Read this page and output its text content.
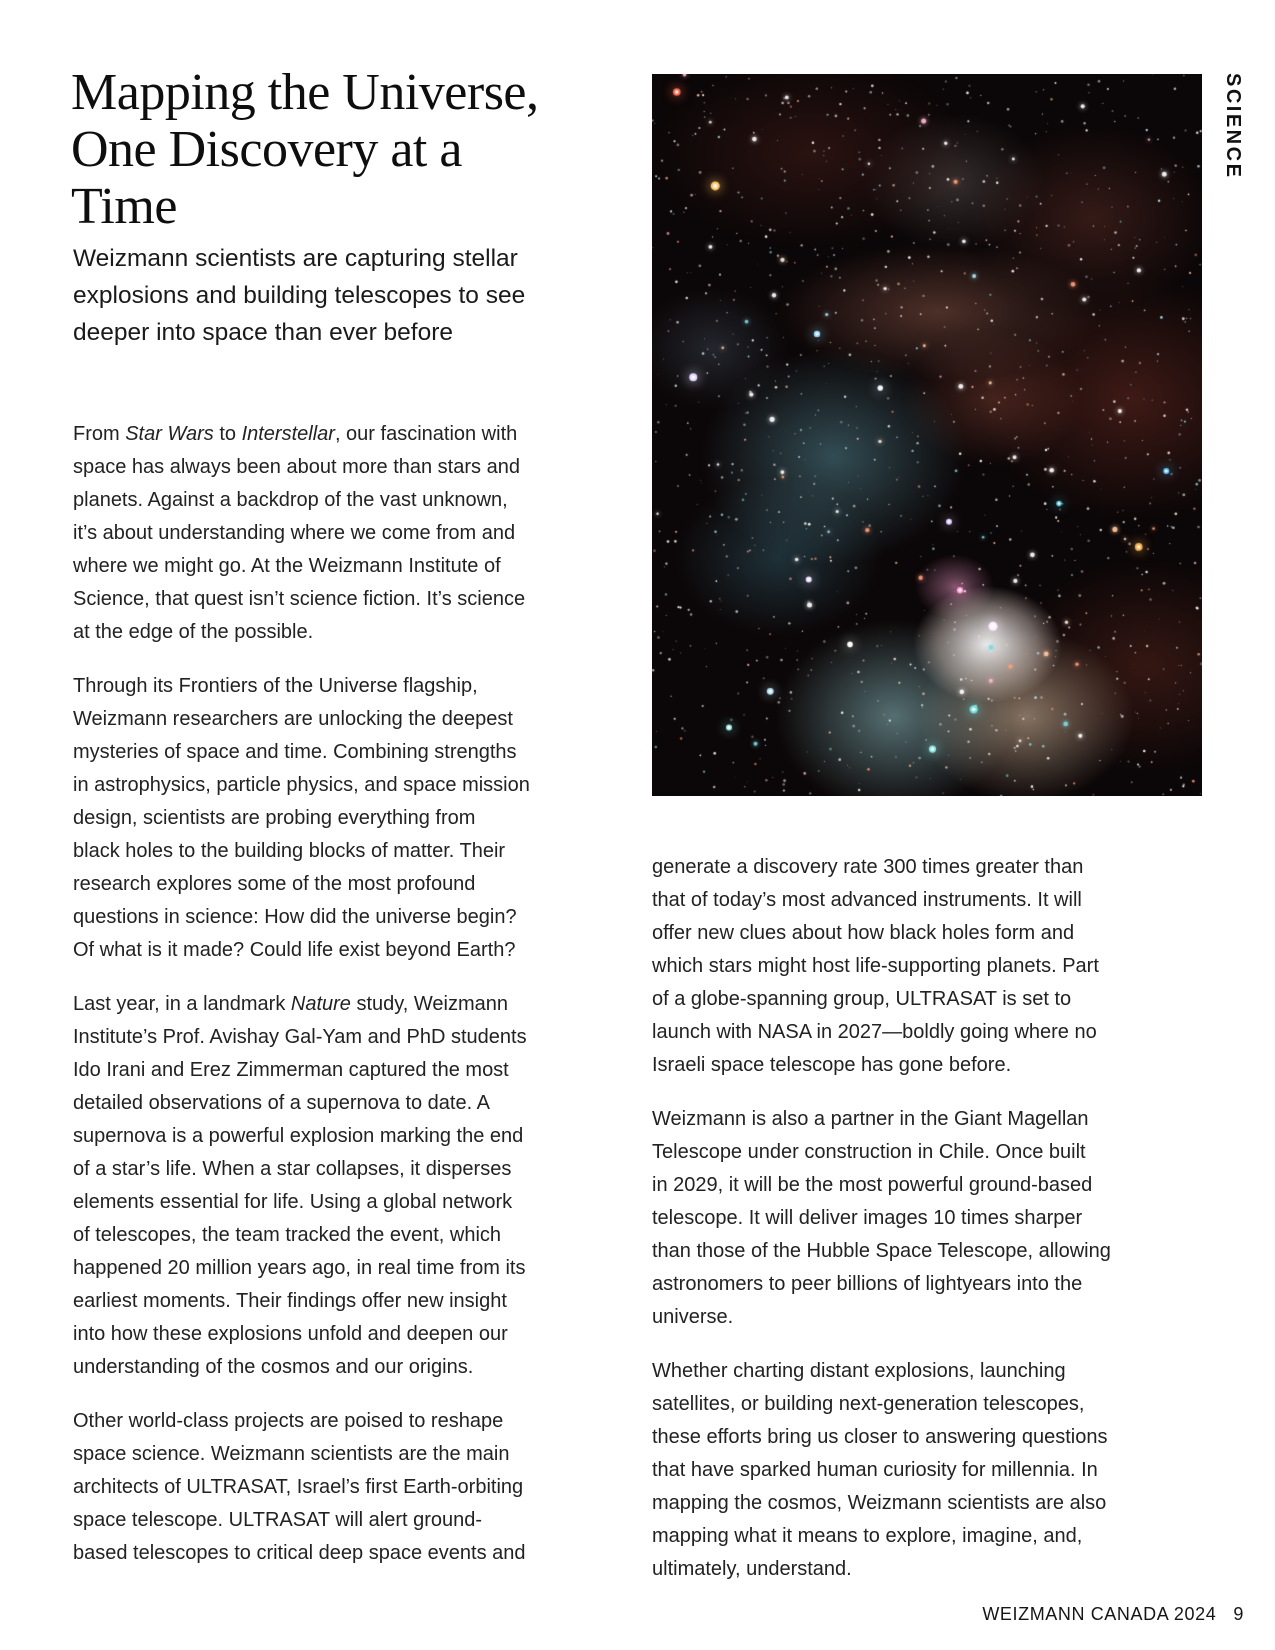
Mapping the Universe,
One Discovery at a
Time

Weizmann scientists are capturing stellar
explosions and building telescopes to see
deeper into space than ever before

SCIENCE

From Star Wars to Interstellar, our fascination with
space has always been about more than stars and
planets. Against a backdrop of the vast unknown,
it’s about understanding where we come from and
where we might go. At the Weizmann Institute of
Science, that quest isn’t science fiction. It’s science
at the edge of the possible.

Through its Frontiers of the Universe flagship,
Weizmann researchers are unlocking the deepest
mysteries of space and time. Combining strengths
in astrophysics, particle physics, and space mission
design, scientists are probing everything from
black holes to the building blocks of matter. Their
research explores some of the most profound
questions in science: How did the universe begin?
Of what is it made? Could life exist beyond Earth?

Last year, in a landmark Nature study, Weizmann
Institute’s Prof. Avishay Gal-Yam and PhD students
Ido Irani and Erez Zimmerman captured the most
detailed observations of a supernova to date. A
supernova is a powerful explosion marking the end
of a star’s life. When a star collapses, it disperses
elements essential for life. Using a global network
of telescopes, the team tracked the event, which
happened 20 million years ago, in real time from its
earliest moments. Their findings offer new insight
into how these explosions unfold and deepen our
understanding of the cosmos and our origins.

Other world-class projects are poised to reshape
space science. Weizmann scientists are the main
architects of ULTRASAT, Israel’s first Earth-orbiting
space telescope. ULTRASAT will alert ground-
based telescopes to critical deep space events and

generate a discovery rate 300 times greater than
that of today’s most advanced instruments. It will
offer new clues about how black holes form and
which stars might host life-supporting planets. Part
of a globe-spanning group, ULTRASAT is set to
launch with NASA in 2027—boldly going where no
Israeli space telescope has gone before.

Weizmann is also a partner in the Giant Magellan
Telescope under construction in Chile. Once built
in 2029, it will be the most powerful ground-based
telescope. It will deliver images 10 times sharper
than those of the Hubble Space Telescope, allowing
astronomers to peer billions of lightyears into the
universe.

Whether charting distant explosions, launching
satellites, or building next-generation telescopes,
these efforts bring us closer to answering questions
that have sparked human curiosity for millennia. In
mapping the cosmos, Weizmann scientists are also
mapping what it means to explore, imagine, and,
ultimately, understand.

WEIZMANN CANADA 2024 9
